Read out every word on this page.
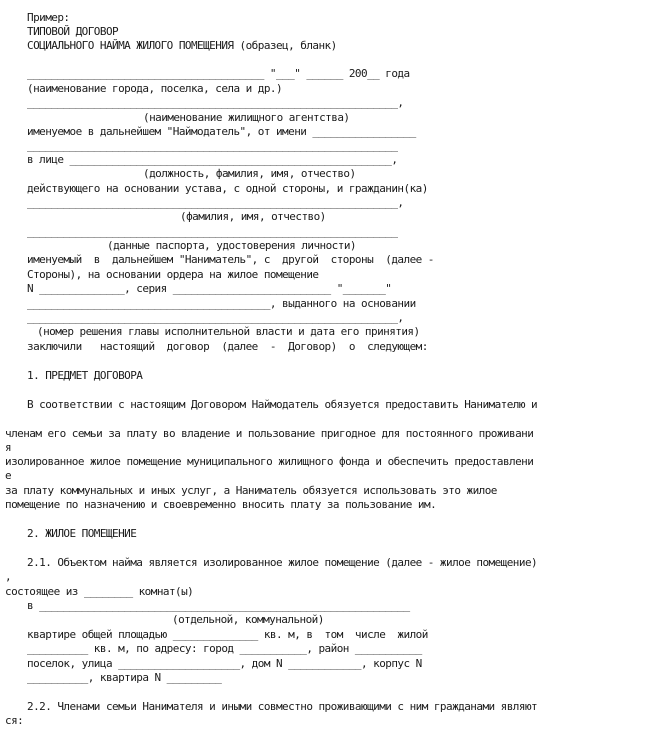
Пример:

ТИПОВОЙ ДОГОВОР

СОЦИАЛЬНОГО НАЙМА ЖИЛОГО ПОМЕЩЕНИЯ (образец, бланк)

_______________________________________ "___" ______ 200__ года

(наименование города, поселка, села и др.)

_____________________________________________________________,

(наименование жилищного агентства)

именуемое в дальнейшем "Наймодатель", от имени _________________

_____________________________________________________________

в лице _____________________________________________________,

(должность, фамилия, имя, отчество)

действующего на основании устава, с одной стороны, и гражданин(ка)

_____________________________________________________________,

(фамилия, имя, отчество)

_____________________________________________________________

(данные паспорта, удостоверения личности)

именуемый  в  дальнейшем "Наниматель", с  другой  стороны  (далее -

Стороны), на основании ордера на жилое помещение

N ______________, серия __________________________ "_______"

________________________________________, выданного на основании

_____________________________________________________________,

(номер решения главы исполнительной власти и дата его принятия)

заключили   настоящий  договор  (далее  -  Договор)  о  следующем:

1. ПРЕДМЕТ ДОГОВОРА

В соответствии с настоящим Договором Наймодатель обязуется предоставить Нанимателю и

членам его семьи за плату во владение и пользование пригодное для постоянного проживани

я

изолированное жилое помещение муниципального жилищного фонда и обеспечить предоставлени

е

за плату коммунальных и иных услуг, а Наниматель обязуется использовать это жилое

помещение по назначению и своевременно вносить плату за пользование им.

2. ЖИЛОЕ ПОМЕЩЕНИЕ

2.1. Объектом найма является изолированное жилое помещение (далее - жилое помещение)

,

состоящее из ________ комнат(ы)

в _____________________________________________________________

(отдельной, коммунальной)

квартире общей площадью ______________ кв. м, в  том  числе  жилой

__________ кв. м, по адресу: город ___________, район ___________

поселок, улица ____________________, дом N ____________, корпус N

__________, квартира N _________

2.2. Членами семьи Нанимателя и иными совместно проживающими с ним гражданами являют

ся:
